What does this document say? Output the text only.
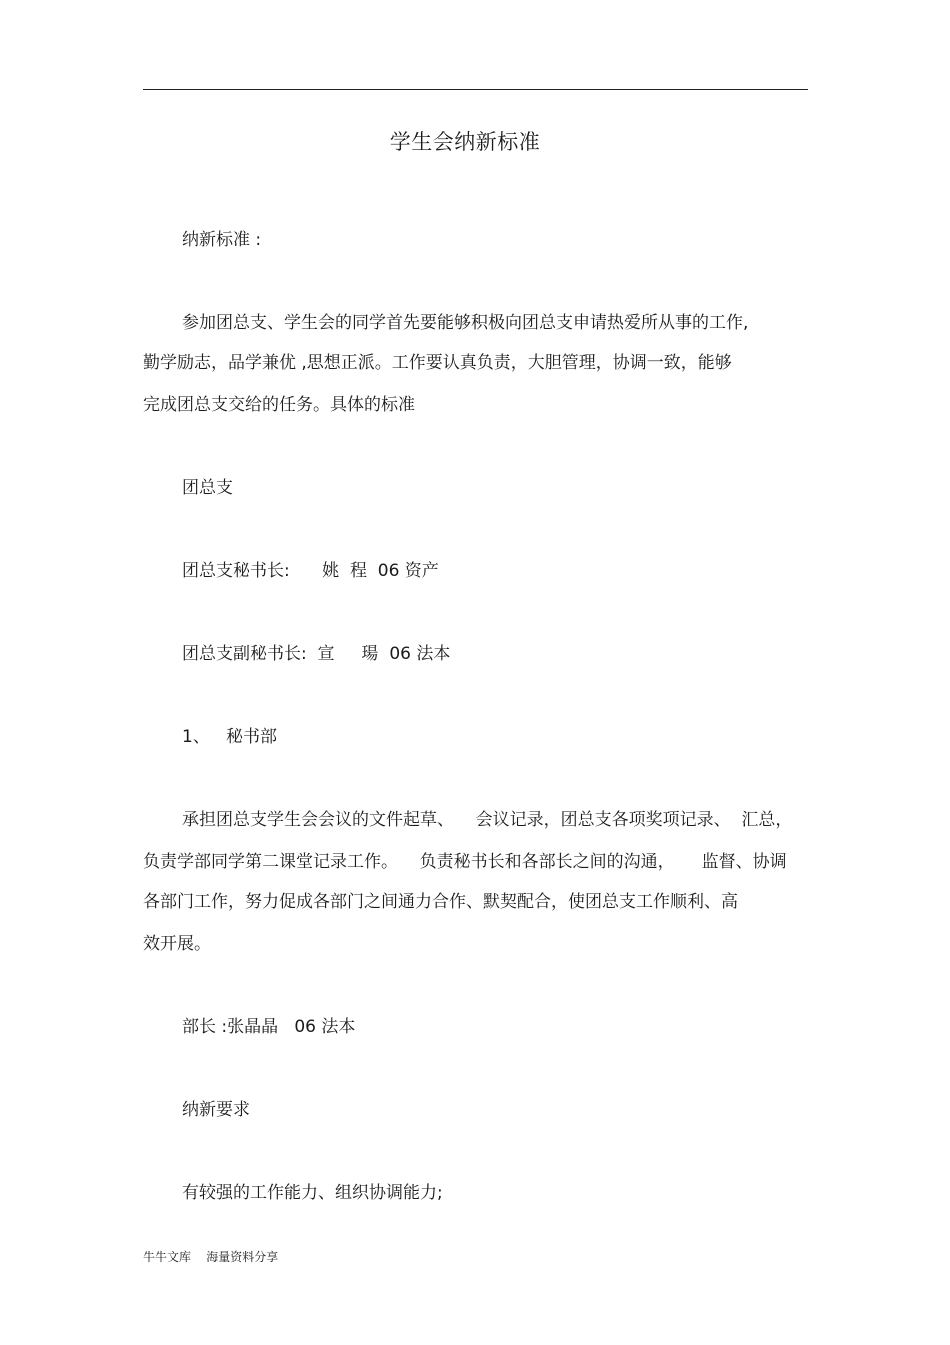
学生会纳新标准
纳新标准 :
参加团总支、学生会的同学首先要能够积极向团总支申请热爱所从事的工作,
勤学励志，品学兼优 ,思想正派。工作要认真负责，大胆管理，协调一致，能够
完成团总支交给的任务。具体的标准
团总支
团总支秘书长:      姚  程  06 资产
团总支副秘书长:  宣     瑒  06 法本
1、   秘书部
承担团总支学生会会议的文件起草、    会议记录，团总支各项奖项记录、  汇总，
负责学部同学第二课堂记录工作。    负责秘书长和各部长之间的沟通，     监督、协调
各部门工作，努力促成各部门之间通力合作、默契配合，使团总支工作顺利、高
效开展。
部长 :张晶晶   06 法本
纳新要求
有较强的工作能力、组织协调能力;
牛牛文库    海量资料分享
